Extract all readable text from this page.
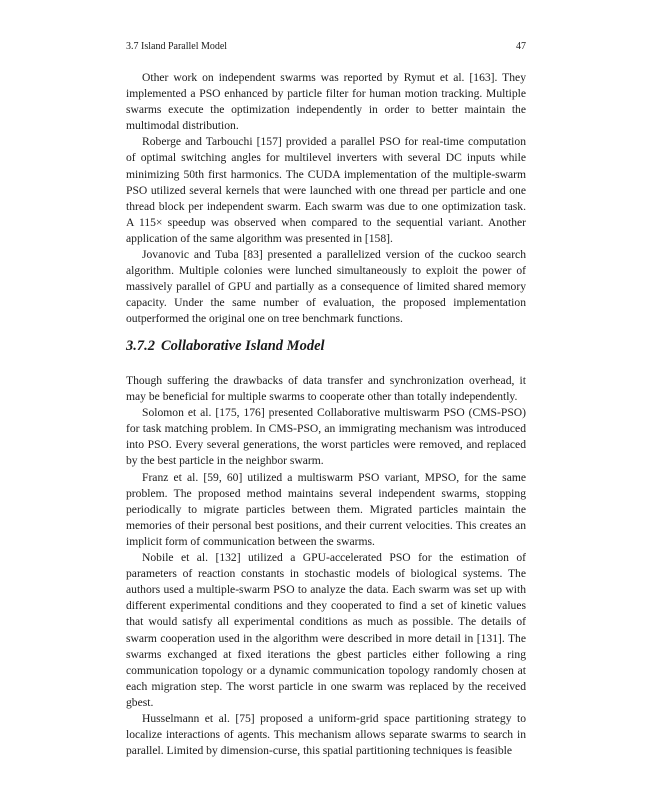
3.7 Island Parallel Model	47

Other work on independent swarms was reported by Rymut et al. [163]. They implemented a PSO enhanced by particle filter for human motion tracking. Multiple swarms execute the optimization independently in order to better maintain the multimodal distribution.

Roberge and Tarbouchi [157] provided a parallel PSO for real-time computation of optimal switching angles for multilevel inverters with several DC inputs while minimizing 50th first harmonics. The CUDA implementation of the multiple-swarm PSO utilized several kernels that were launched with one thread per particle and one thread block per independent swarm. Each swarm was due to one optimization task. A 115× speedup was observed when compared to the sequential variant. Another application of the same algorithm was presented in [158].

Jovanovic and Tuba [83] presented a parallelized version of the cuckoo search algorithm. Multiple colonies were lunched simultaneously to exploit the power of massively parallel of GPU and partially as a consequence of limited shared memory capacity. Under the same number of evaluation, the proposed implementation outperformed the original one on tree benchmark functions.

3.7.2 Collaborative Island Model

Though suffering the drawbacks of data transfer and synchronization overhead, it may be beneficial for multiple swarms to cooperate other than totally independently.

Solomon et al. [175, 176] presented Collaborative multiswarm PSO (CMS-PSO) for task matching problem. In CMS-PSO, an immigrating mechanism was introduced into PSO. Every several generations, the worst particles were removed, and replaced by the best particle in the neighbor swarm.

Franz et al. [59, 60] utilized a multiswarm PSO variant, MPSO, for the same problem. The proposed method maintains several independent swarms, stopping periodically to migrate particles between them. Migrated particles maintain the memories of their personal best positions, and their current velocities. This creates an implicit form of communication between the swarms.

Nobile et al. [132] utilized a GPU-accelerated PSO for the estimation of parameters of reaction constants in stochastic models of biological systems. The authors used a multiple-swarm PSO to analyze the data. Each swarm was set up with different experimental conditions and they cooperated to find a set of kinetic values that would satisfy all experimental conditions as much as possible. The details of swarm cooperation used in the algorithm were described in more detail in [131]. The swarms exchanged at fixed iterations the gbest particles either following a ring communication topology or a dynamic communication topology randomly chosen at each migration step. The worst particle in one swarm was replaced by the received gbest.

Husselmann et al. [75] proposed a uniform-grid space partitioning strategy to localize interactions of agents. This mechanism allows separate swarms to search in parallel. Limited by dimension-curse, this spatial partitioning techniques is feasible
